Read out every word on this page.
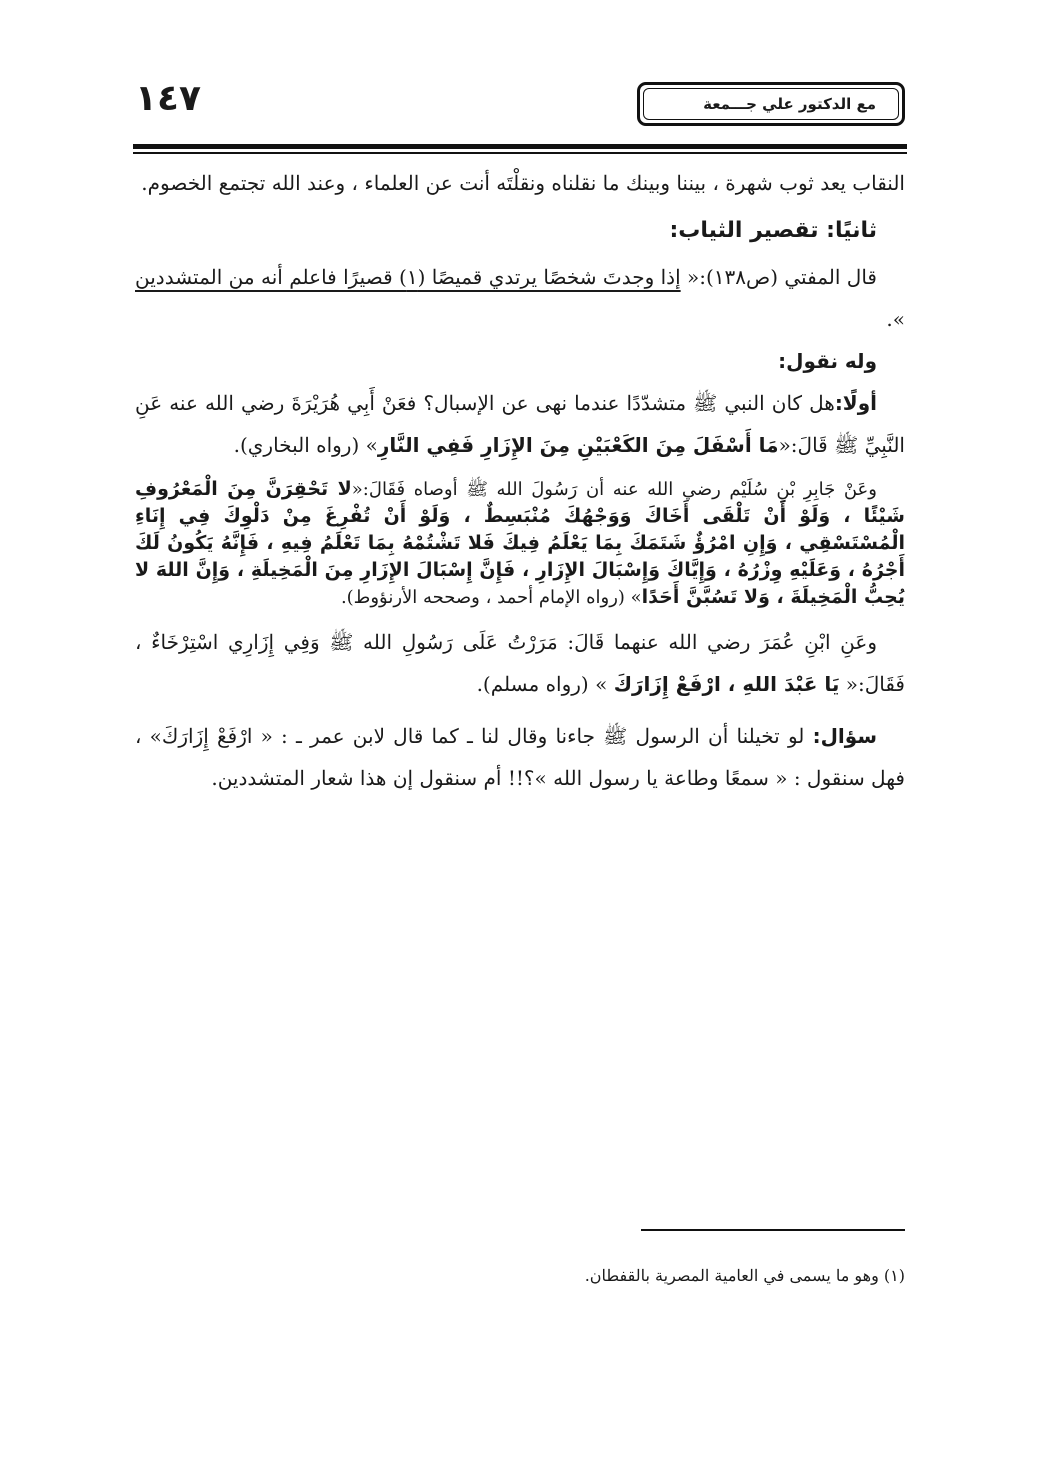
١٤٧	مع الدكتور علي جـــمعة

النقاب يعد ثوب شهرة ، بيننا وبينك ما نقلناه ونقلْتَه أنت عن العلماء ، وعند الله تجتمع الخصوم.

ثانيًا: تقصير الثياب:

قال المفتي (ص١٣٨):« إذا وجدتَ شخصًا يرتدي قميصًا (١) قصيرًا فاعلم أنه من المتشددين ».

وله نقول:

أولًا:هل كان النبي ﷺ متشدّدًا عندما نهى عن الإسبال؟ فعَنْ أَبِي هُرَيْرَةَ رضي الله عنه عَنِ النَّبِيِّ ﷺ قَالَ:«مَا أَسْفَلَ مِنَ الكَعْبَيْنِ مِنَ الإِزَارِ فَفِي النَّارِ» (رواه البخاري).

وعَنْ جَابِرِ بْنِ سُلَيْم رضي الله عنه أن رَسُولَ الله ﷺ أوصاه فَقَالَ:«لا تَحْقِرَنَّ مِنَ الْمَعْرُوفِ شَيْئًا ، وَلَوْ أَنْ تَلْقَى أَخَاكَ وَوَجْهُكَ مُنْبَسِطٌ ، وَلَوْ أَنْ تُفْرِغَ مِنْ دَلْوِكَ فِي إِنَاءِ الْمُسْتَسْقِي ، وَإِنِ امْرُؤٌ شَتَمَكَ بِمَا يَعْلَمُ فِيكَ فَلا تَشْتُمْهُ بِمَا تَعْلَمُ فِيهِ ، فَإِنَّهُ يَكُونُ لَكَ أَجْرُهُ ، وَعَلَيْهِ وِزْرُهُ ، وَإِيَّاكَ وَإِسْبَالَ الإِزَارِ ، فَإِنَّ إِسْبَالَ الإِزَارِ مِنَ الْمَخِيلَةِ ، وَإِنَّ اللهَ لا يُحِبُّ الْمَخِيلَةَ ، وَلا تَسُبَّنَّ أَحَدًا» (رواه الإمام أحمد ، وصححه الأرنؤوط).

وعَنِ ابْنِ عُمَرَ رضي الله عنهما قَالَ: مَرَرْتُ عَلَى رَسُولِ الله ﷺ وَفِي إِزَارِي اسْتِرْخَاءٌ ، فَقَالَ:« يَا عَبْدَ اللهِ ، ارْفَعْ إِزَارَكَ » (رواه مسلم).

سؤال: لو تخيلنا أن الرسول ﷺ جاءنا وقال لنا ـ كما قال لابن عمر ـ : « ارْفَعْ إِزَارَكَ» ، فهل سنقول : « سمعًا وطاعة يا رسول الله »؟!! أم سنقول إن هذا شعار المتشددين.

(١) وهو ما يسمى في العامية المصرية بالقفطان.
